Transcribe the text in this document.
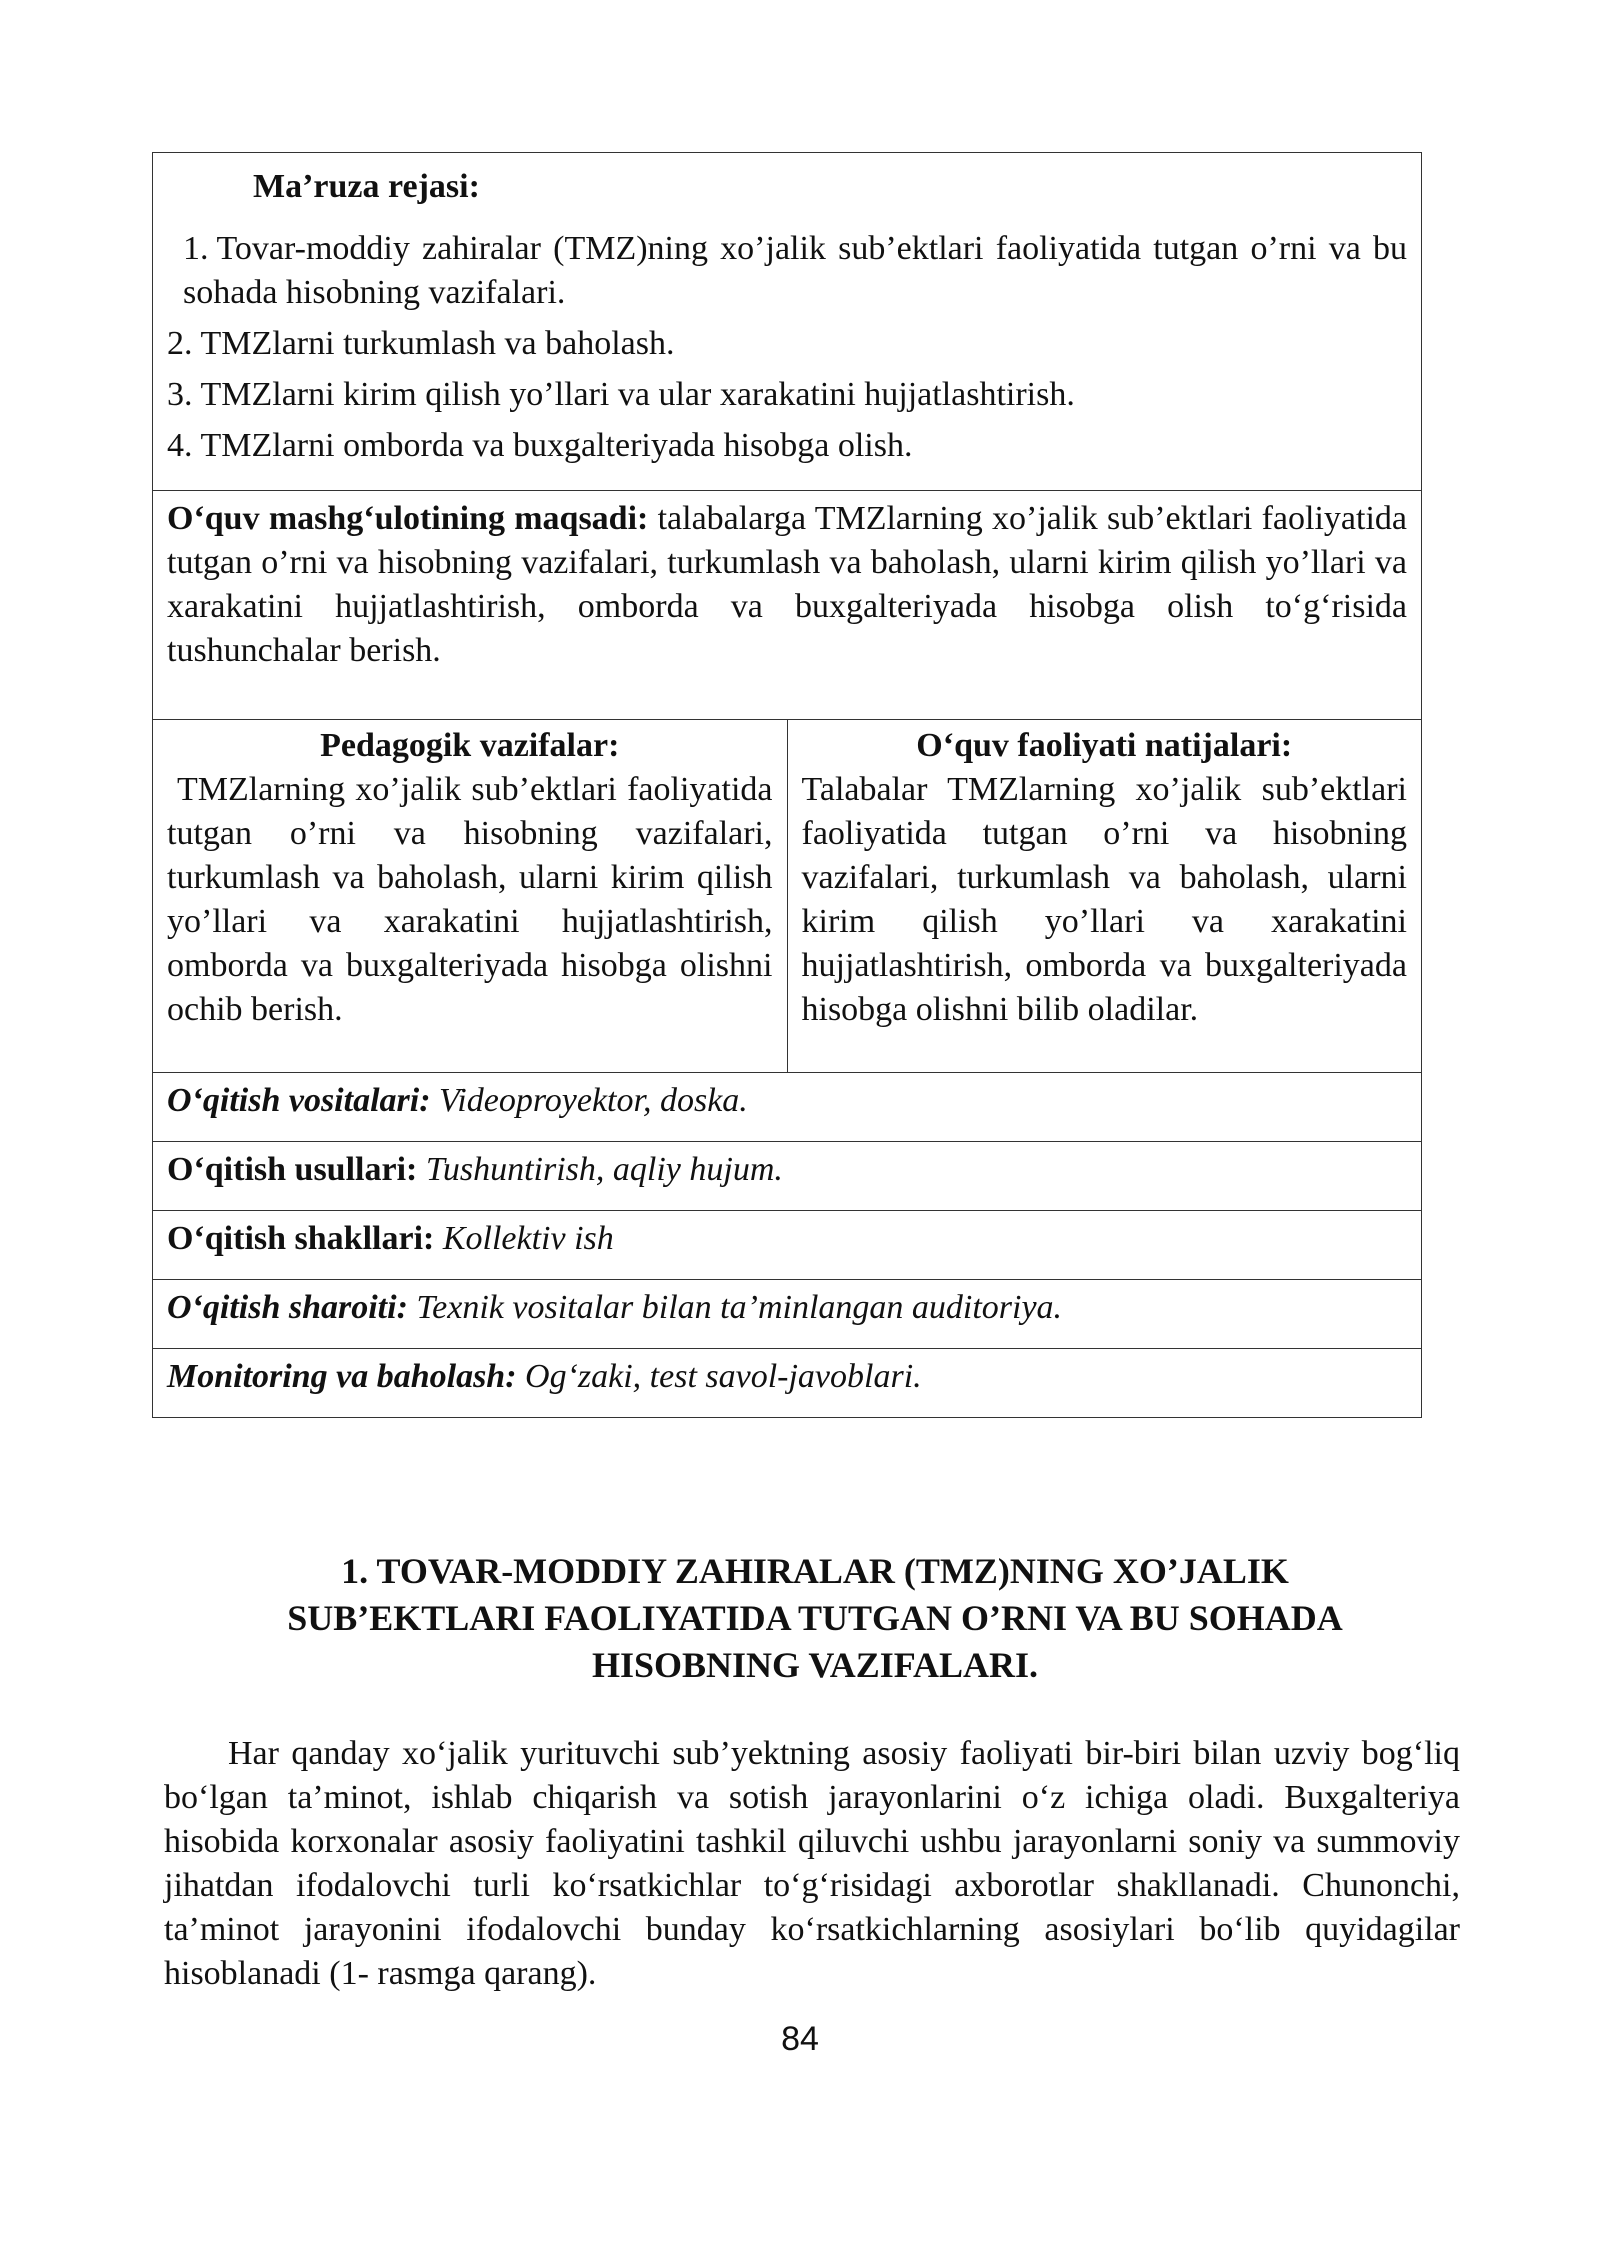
Ma’ruza rejasi:
1. Tovar-moddiy zahiralar (TMZ)ning xo’jalik sub’ektlari faoliyatida tutgan o’rni va bu sohada hisobning vazifalari.
2. TMZlarni turkumlash va baholash.
3. TMZlarni kirim qilish yo’llari va ular xarakatini hujjatlashtirish.
4. TMZlarni omborda va buxgalteriyada hisobga olish.

O‘quv mashg‘ulotining maqsadi: talabalarga TMZlarning xo’jalik sub’ektlari faoliyatida tutgan o’rni va hisobning vazifalari, turkumlash va baholash, ularni kirim qilish yo’llari va xarakatini hujjatlashtirish, omborda va buxgalteriyada hisobga olish to‘g‘risida tushunchalar berish.

Pedagogik vazifalar:
TMZlarning xo’jalik sub’ektlari faoliyatida tutgan o’rni va hisobning vazifalari, turkumlash va baholash, ularni kirim qilish yo’llari va xarakatini hujjatlashtirish, omborda va buxgalteriyada hisobga olishni ochib berish.

O‘quv faoliyati natijalari:
Talabalar TMZlarning xo’jalik sub’ektlari faoliyatida tutgan o’rni va hisobning vazifalari, turkumlash va baholash, ularni kirim qilish yo’llari va xarakatini hujjatlashtirish, omborda va buxgalteriyada hisobga olishni bilib oladilar.

O‘qitish vositalari: Videoproyektor, doska.
O‘qitish usullari: Tushuntirish, aqliy hujum.
O‘qitish shakllari: Kollektiv ish
O‘qitish sharoiti: Texnik vositalar bilan ta’minlangan auditoriya.
Monitoring va baholash: Og‘zaki, test savol-javoblari.
1. TOVAR-MODDIY ZAHIRALAR (TMZ)NING XO’JALIK
SUB’EKTLARI FAOLIYATIDA TUTGAN O’RNI VA BU SOHADA
HISOBNING VAZIFALARI.

Har qanday xo‘jalik yurituvchi sub’yektning asosiy faoliyati bir-biri bilan uzviy bog‘liq bo‘lgan ta’minot, ishlab chiqarish va sotish jarayonlarini o‘z ichiga oladi. Buxgalteriya hisobida korxonalar asosiy faoliyatini tashkil qiluvchi ushbu jarayonlarni soniy va summoviy jihatdan ifodalovchi turli ko‘rsatkichlar to‘g‘risidagi axborotlar shakllanadi. Chunonchi, ta’minot jarayonini ifodalovchi bunday ko‘rsatkichlarning asosiylari bo‘lib quyidagilar hisoblanadi (1- rasmga qarang).

84
